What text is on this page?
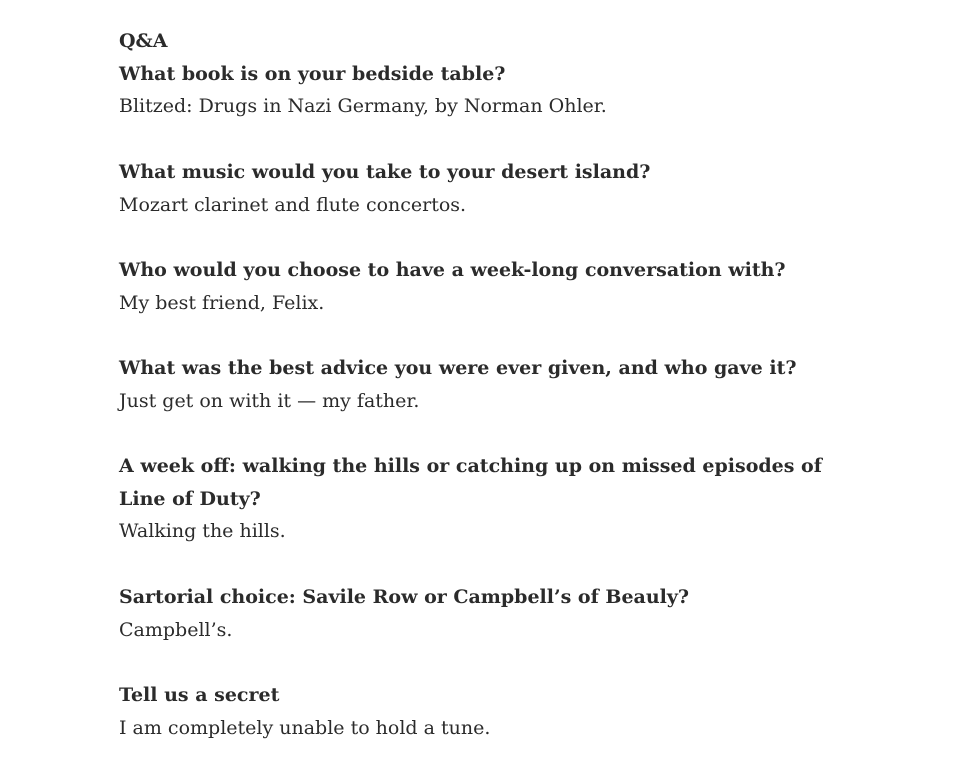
Q&A

What book is on your bedside table?

Blitzed: Drugs in Nazi Germany, by Norman Ohler.

What music would you take to your desert island?

Mozart clarinet and flute concertos.

Who would you choose to have a week-long conversation with?

My best friend, Felix.

What was the best advice you were ever given, and who gave it?

Just get on with it — my father.

A week off: walking the hills or catching up on missed episodes of Line of Duty?

Walking the hills.

Sartorial choice: Savile Row or Campbell’s of Beauly?

Campbell’s.

Tell us a secret

I am completely unable to hold a tune.
